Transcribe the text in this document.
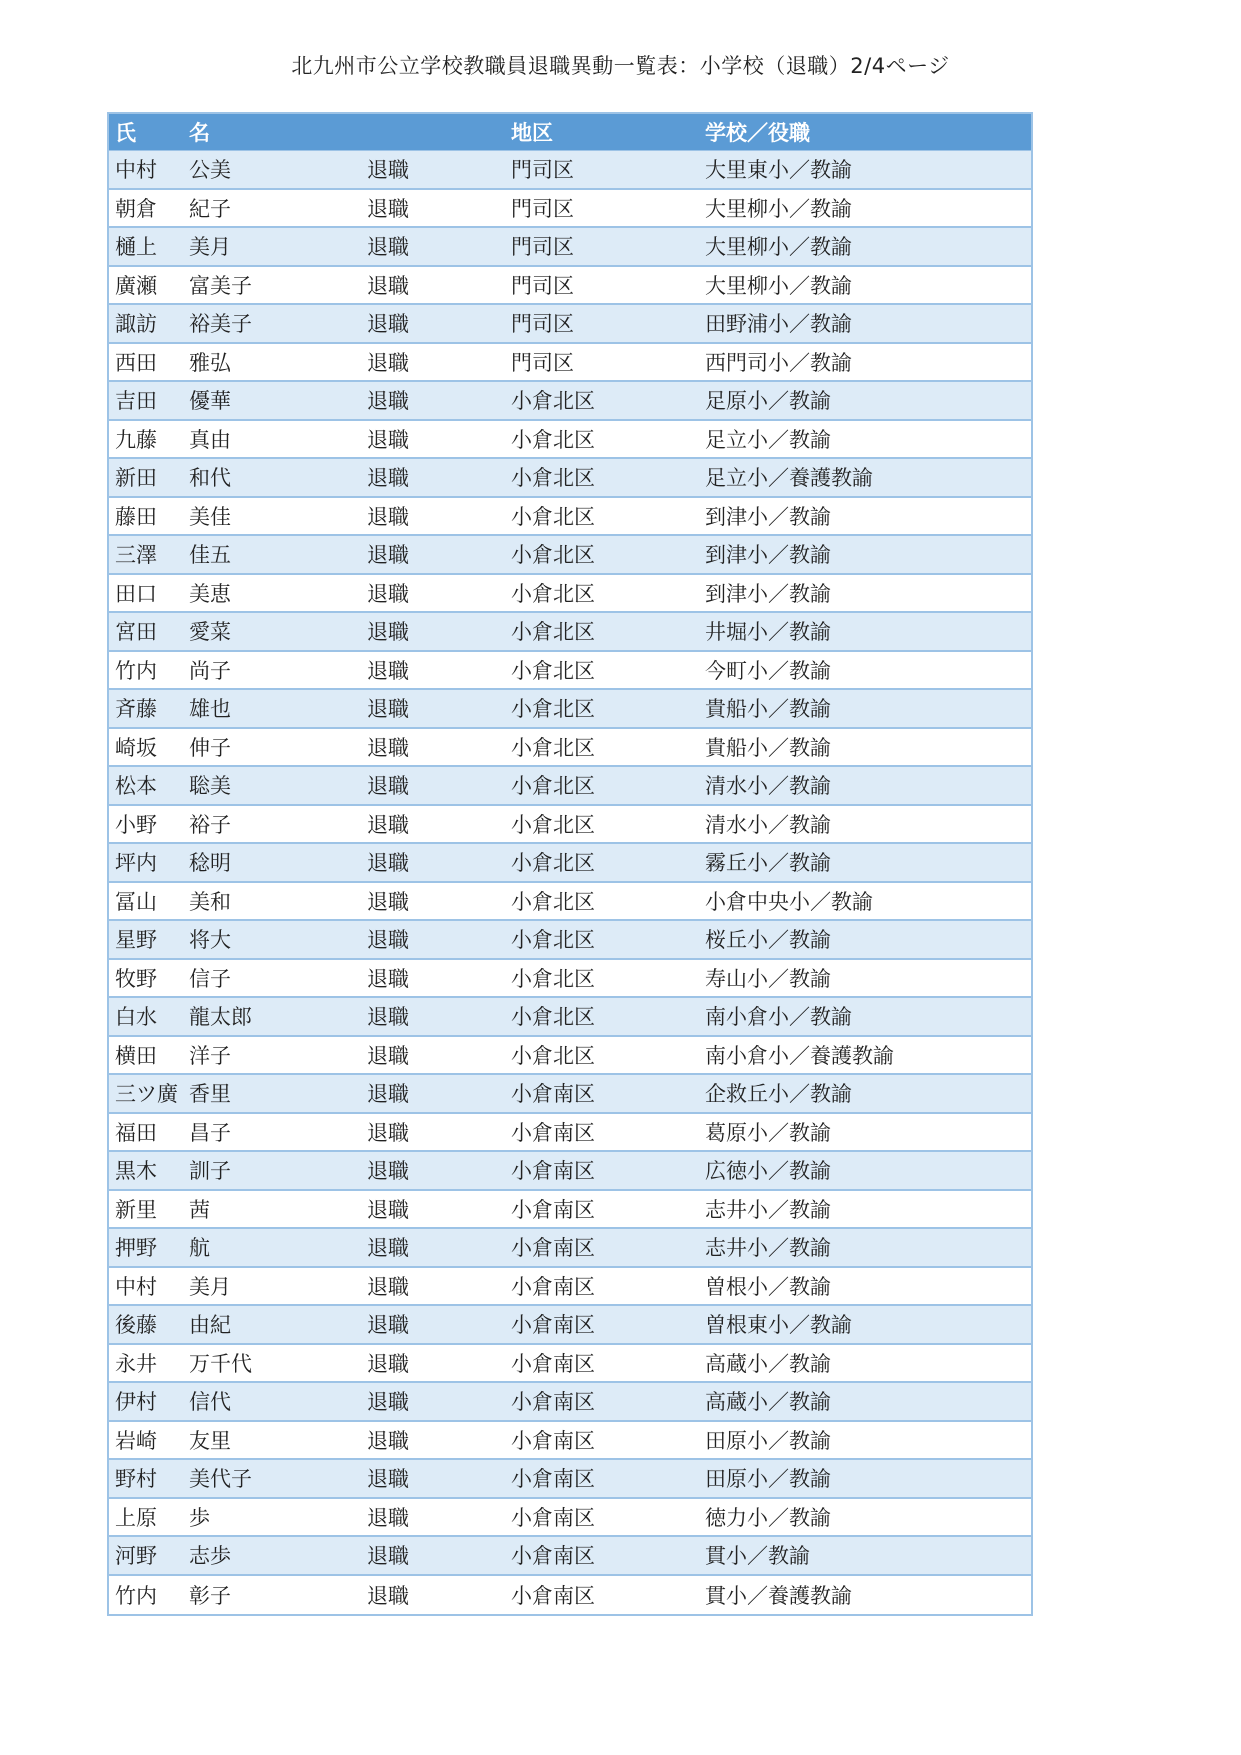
北九州市公立学校教職員退職異動一覧表：小学校（退職）2/4ページ
氏	名	地区	学校／役職
中村 公美	退職	門司区	大里東小／教諭
朝倉 紀子	退職	門司区	大里柳小／教諭
樋上 美月	退職	門司区	大里柳小／教諭
廣瀬 富美子	退職	門司区	大里柳小／教諭
諏訪 裕美子	退職	門司区	田野浦小／教諭
西田 雅弘	退職	門司区	西門司小／教諭
吉田 優華	退職	小倉北区	足原小／教諭
九藤 真由	退職	小倉北区	足立小／教諭
新田 和代	退職	小倉北区	足立小／養護教諭
藤田 美佳	退職	小倉北区	到津小／教諭
三澤 佳五	退職	小倉北区	到津小／教諭
田口 美恵	退職	小倉北区	到津小／教諭
宮田 愛菜	退職	小倉北区	井堀小／教諭
竹内 尚子	退職	小倉北区	今町小／教諭
斉藤 雄也	退職	小倉北区	貴船小／教諭
崎坂 伸子	退職	小倉北区	貴船小／教諭
松本 聡美	退職	小倉北区	清水小／教諭
小野 裕子	退職	小倉北区	清水小／教諭
坪内 稔明	退職	小倉北区	霧丘小／教諭
冨山 美和	退職	小倉北区	小倉中央小／教諭
星野 将大	退職	小倉北区	桜丘小／教諭
牧野 信子	退職	小倉北区	寿山小／教諭
白水 龍太郎	退職	小倉北区	南小倉小／教諭
横田 洋子	退職	小倉北区	南小倉小／養護教諭
三ツ廣 香里	退職	小倉南区	企救丘小／教諭
福田 昌子	退職	小倉南区	葛原小／教諭
黒木 訓子	退職	小倉南区	広徳小／教諭
新里 茜	退職	小倉南区	志井小／教諭
押野 航	退職	小倉南区	志井小／教諭
中村 美月	退職	小倉南区	曽根小／教諭
後藤 由紀	退職	小倉南区	曽根東小／教諭
永井 万千代	退職	小倉南区	高蔵小／教諭
伊村 信代	退職	小倉南区	高蔵小／教諭
岩崎 友里	退職	小倉南区	田原小／教諭
野村 美代子	退職	小倉南区	田原小／教諭
上原 歩	退職	小倉南区	徳力小／教諭
河野 志歩	退職	小倉南区	貫小／教諭
竹内 彰子	退職	小倉南区	貫小／養護教諭
